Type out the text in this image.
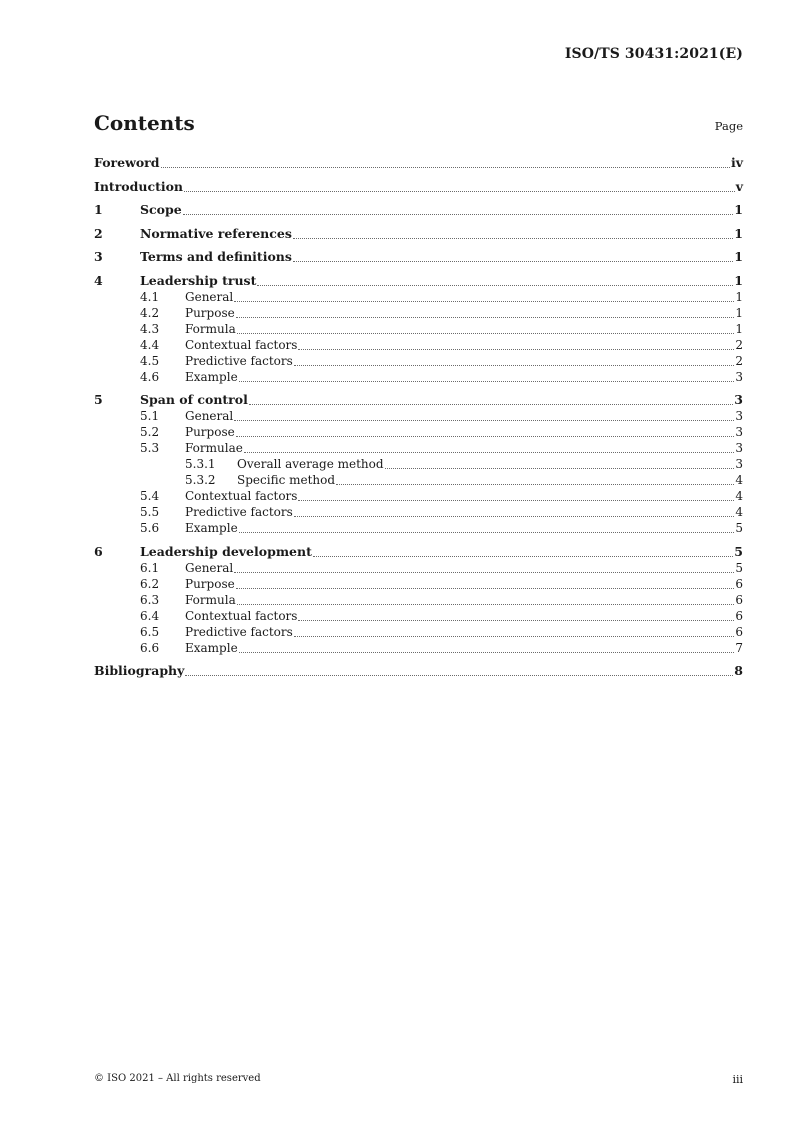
ISO/TS 30431:2021(E)
Contents	Page
Foreword	iv
Introduction	v
1	Scope	1
2	Normative references	1
3	Terms and definitions	1
4	Leadership trust	1
4.1	General	1
4.2	Purpose	1
4.3	Formula	1
4.4	Contextual factors	2
4.5	Predictive factors	2
4.6	Example	3
5	Span of control	3
5.1	General	3
5.2	Purpose	3
5.3	Formulae	3
5.3.1	Overall average method	3
5.3.2	Specific method	4
5.4	Contextual factors	4
5.5	Predictive factors	4
5.6	Example	5
6	Leadership development	5
6.1	General	5
6.2	Purpose	6
6.3	Formula	6
6.4	Contextual factors	6
6.5	Predictive factors	6
6.6	Example	7
Bibliography	8
© ISO 2021 – All rights reserved	iii
